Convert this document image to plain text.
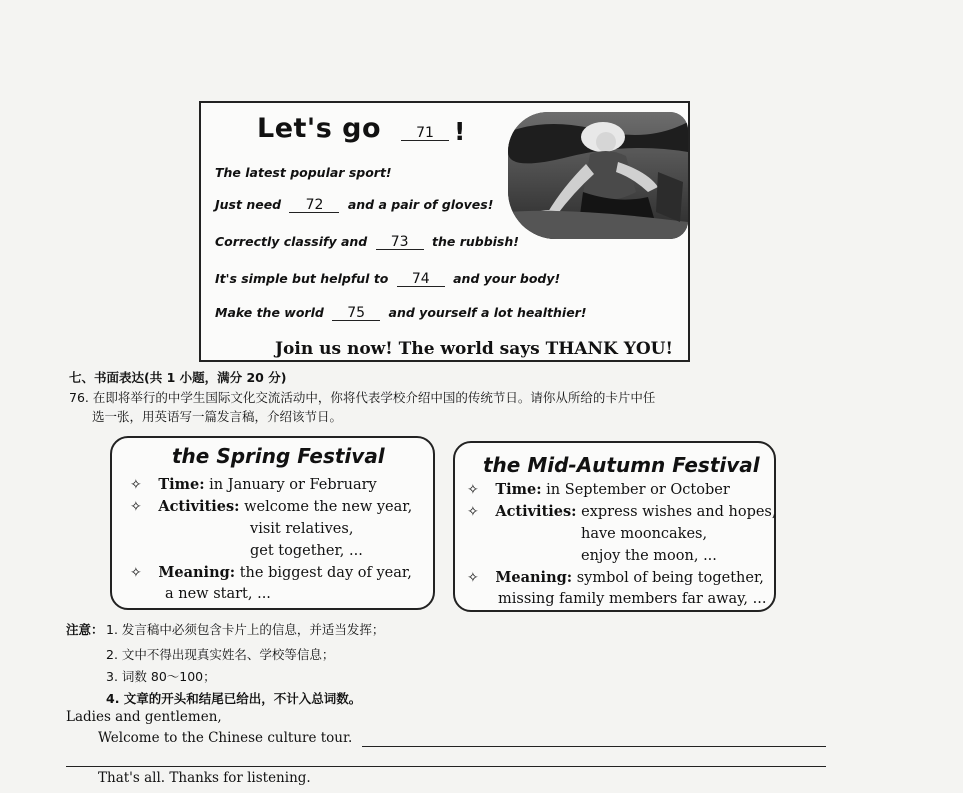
Let's go	71 !
The latest popular sport!
Just need 72 and a pair of gloves!
Correctly classify and 73 the rubbish!
It's simple but helpful to 74 and your body!
Make the world 75 and yourself a lot healthier!
Join us now! The world says THANK YOU!
七、书面表达(共 1 小题，满分 20 分)
76. 在即将举行的中学生国际文化交流活动中，你将代表学校介绍中国的传统节日。请你从所给的卡片中任
选一张，用英语写一篇发言稿，介绍该节日。
the Spring Festival
✧ Time: in January or February
✧ Activities: welcome the new year,
visit relatives,
get together, ...
✧ Meaning: the biggest day of year,
a new start, ...
the Mid-Autumn Festival
✧ Time: in September or October
✧ Activities: express wishes and hopes,
have mooncakes,
enjoy the moon, ...
✧ Meaning: symbol of being together,
missing family members far away, ...
注意： 1. 发言稿中必须包含卡片上的信息，并适当发挥；
2. 文中不得出现真实姓名、学校等信息；
3. 词数 80～100；
4. 文章的开头和结尾已给出，不计入总词数。
Ladies and gentlemen,
Welcome to the Chinese culture tour.
That's all. Thanks for listening.
